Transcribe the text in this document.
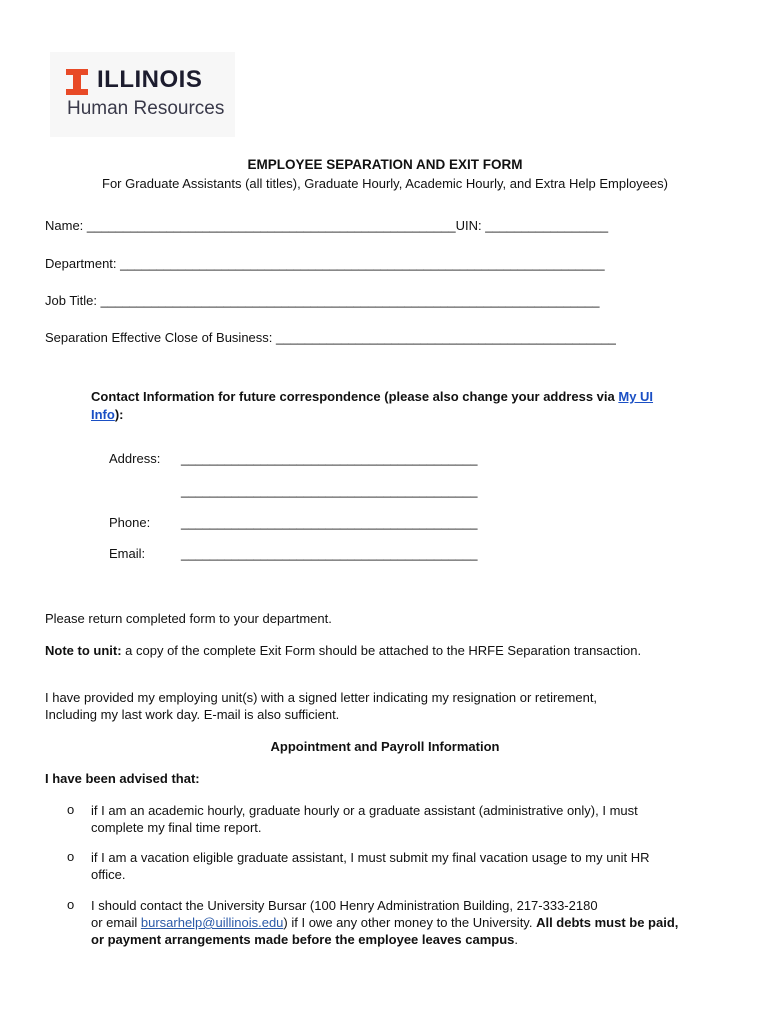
ILLINOIS
Human Resources
EMPLOYEE SEPARATION AND EXIT FORM
For Graduate Assistants (all titles), Graduate Hourly, Academic Hourly, and Extra Help Employees)
Name: ___________________________________________________UIN: _________________
Department: ___________________________________________________________________
Job Title: _____________________________________________________________________
Separation Effective Close of Business: _______________________________________________
Contact Information for future correspondence (please also change your address via My UI
Info):
Address: _________________________________________
_________________________________________
Phone: _________________________________________
Email:	_________________________________________
Please return completed form to your department.
Note to unit: a copy of the complete Exit Form should be attached to the HRFE Separation transaction.
I have provided my employing unit(s) with a signed letter indicating my resignation or retirement,
Including my last work day. E-mail is also sufficient.
Appointment and Payroll Information
I have been advised that:
o if I am an academic hourly, graduate hourly or a graduate assistant (administrative only), I must
complete my final time report.
o if I am a vacation eligible graduate assistant, I must submit my final vacation usage to my unit HR
office.
o I should contact the University Bursar (100 Henry Administration Building, 217-333-2180
or email bursarhelp@uillinois.edu) if I owe any other money to the University. All debts must be paid,
or payment arrangements made before the employee leaves campus.
